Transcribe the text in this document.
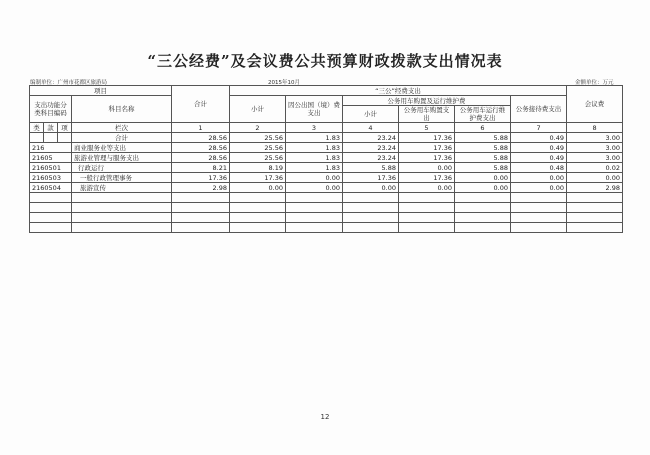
“三公经费”及会议费公共预算财政拨款支出情况表
编制单位：广州市花都区旅游局	2015年10月	金额单位：万元
项目				合计	“三公”经费支出						会议费
支出功能分类科目编码			科目名称		小计	因公出国（境）费支出	公务用车购置及运行维护费			公务接待费支出	
							小计	公务用车购置支出	公务用车运行维护费支出		

类	款	项	栏次	1	2	3	4	5	6	7	8
			合计	28.56	25.56	1.83	23.24	17.36	5.88	0.49	3.00
216			商业服务业等支出	28.56	25.56	1.83	23.24	17.36	5.88	0.49	3.00
21605			旅游业管理与服务支出	28.56	25.56	1.83	23.24	17.36	5.88	0.49	3.00
2160501			行政运行	8.21	8.19	1.83	5.88	0.00	5.88	0.48	0.02
2160503			一般行政管理事务	17.36	17.36	0.00	17.36	17.36	0.00	0.00	0.00
2160504			旅游宣传	2.98	0.00	0.00	0.00	0.00	0.00	0.00	2.98

12
